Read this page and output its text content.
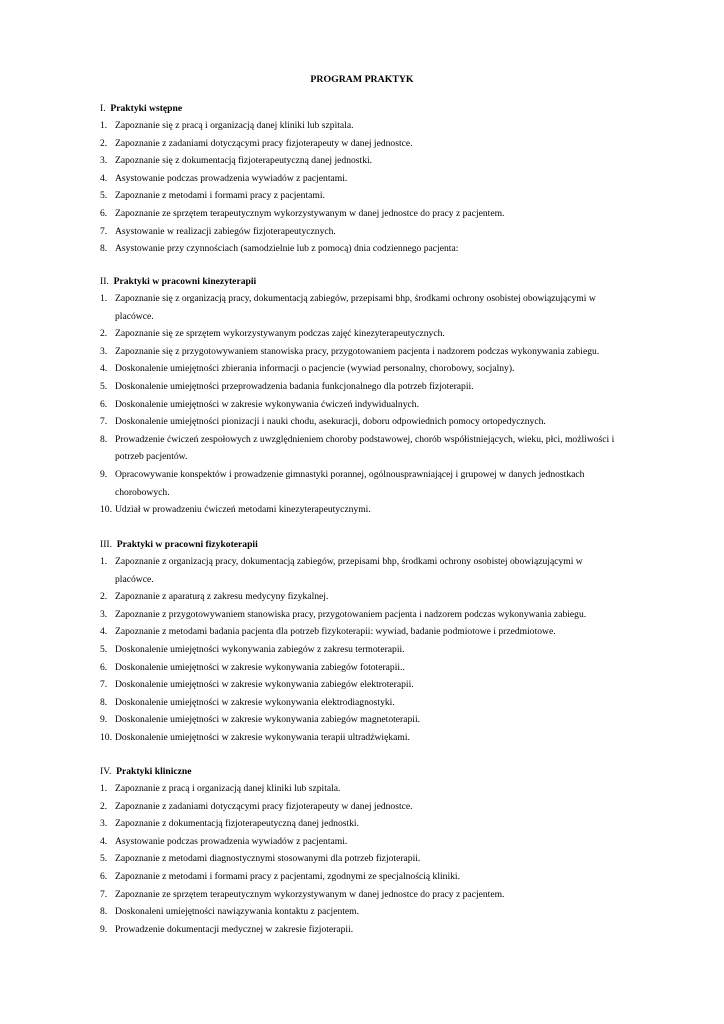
PROGRAM PRAKTYK
I. Praktyki wstępne
1. Zapoznanie się z pracą i organizacją danej kliniki lub szpitala.
2. Zapoznanie z zadaniami dotyczącymi pracy fizjoterapeuty w danej jednostce.
3. Zapoznanie się z dokumentacją fizjoterapeutyczną danej jednostki.
4. Asystowanie podczas prowadzenia wywiadów z pacjentami.
5. Zapoznanie z metodami i formami pracy z pacjentami.
6. Zapoznanie ze sprzętem terapeutycznym wykorzystywanym w danej jednostce do pracy z pacjentem.
7. Asystowanie w realizacji zabiegów fizjoterapeutycznych.
8. Asystowanie przy czynnościach (samodzielnie lub z pomocą) dnia codziennego pacjenta:
II. Praktyki w pracowni kinezyterapii
1. Zapoznanie się z organizacją pracy, dokumentacją zabiegów, przepisami bhp, środkami ochrony osobistej obowiązującymi w
placówce.
2. Zapoznanie się ze sprzętem wykorzystywanym podczas zajęć kinezyterapeutycznych.
3. Zapoznanie się z przygotowywaniem stanowiska pracy, przygotowaniem pacjenta i nadzorem podczas wykonywania zabiegu.
4. Doskonalenie umiejętności zbierania informacji o pacjencie (wywiad personalny, chorobowy, socjalny).
5. Doskonalenie umiejętności przeprowadzenia badania funkcjonalnego dla potrzeb fizjoterapii.
6. Doskonalenie umiejętności w zakresie wykonywania ćwiczeń indywidualnych.
7. Doskonalenie umiejętności pionizacji i nauki chodu, asekuracji, doboru odpowiednich pomocy ortopedycznych.
8. Prowadzenie ćwiczeń zespołowych z uwzględnieniem choroby podstawowej, chorób współistniejących, wieku, płci, możliwości i
potrzeb pacjentów.
9. Opracowywanie konspektów i prowadzenie gimnastyki porannej, ogólnousprawniającej i grupowej w danych jednostkach
chorobowych.
10. Udział w prowadzeniu ćwiczeń metodami kinezyterapeutycznymi.
III. Praktyki w pracowni fizykoterapii
1. Zapoznanie z organizacją pracy, dokumentacją zabiegów, przepisami bhp, środkami ochrony osobistej obowiązującymi w
placówce.
2. Zapoznanie z aparaturą z zakresu medycyny fizykalnej.
3. Zapoznanie z przygotowywaniem stanowiska pracy, przygotowaniem pacjenta i nadzorem podczas wykonywania zabiegu.
4. Zapoznanie z metodami badania pacjenta dla potrzeb fizykoterapii: wywiad, badanie podmiotowe i przedmiotowe.
5. Doskonalenie umiejętności wykonywania zabiegów z zakresu termoterapii.
6. Doskonalenie umiejętności w zakresie wykonywania zabiegów fototerapii..
7. Doskonalenie umiejętności w zakresie wykonywania zabiegów elektroterapii.
8. Doskonalenie umiejętności w zakresie wykonywania elektrodiagnostyki.
9. Doskonalenie umiejętności w zakresie wykonywania zabiegów magnetoterapii.
10. Doskonalenie umiejętności w zakresie wykonywania terapii ultradźwiękami.
IV. Praktyki kliniczne
1. Zapoznanie z pracą i organizacją danej kliniki lub szpitala.
2. Zapoznanie z zadaniami dotyczącymi pracy fizjoterapeuty w danej jednostce.
3. Zapoznanie z dokumentacją fizjoterapeutyczną danej jednostki.
4. Asystowanie podczas prowadzenia wywiadów z pacjentami.
5. Zapoznanie z metodami diagnostycznymi stosowanymi dla potrzeb fizjoterapii.
6. Zapoznanie z metodami i formami pracy z pacjentami, zgodnymi ze specjalnością kliniki.
7. Zapoznanie ze sprzętem terapeutycznym wykorzystywanym w danej jednostce do pracy z pacjentem.
8. Doskonaleni umiejętności nawiązywania kontaktu z pacjentem.
9. Prowadzenie dokumentacji medycznej w zakresie fizjoterapii.
